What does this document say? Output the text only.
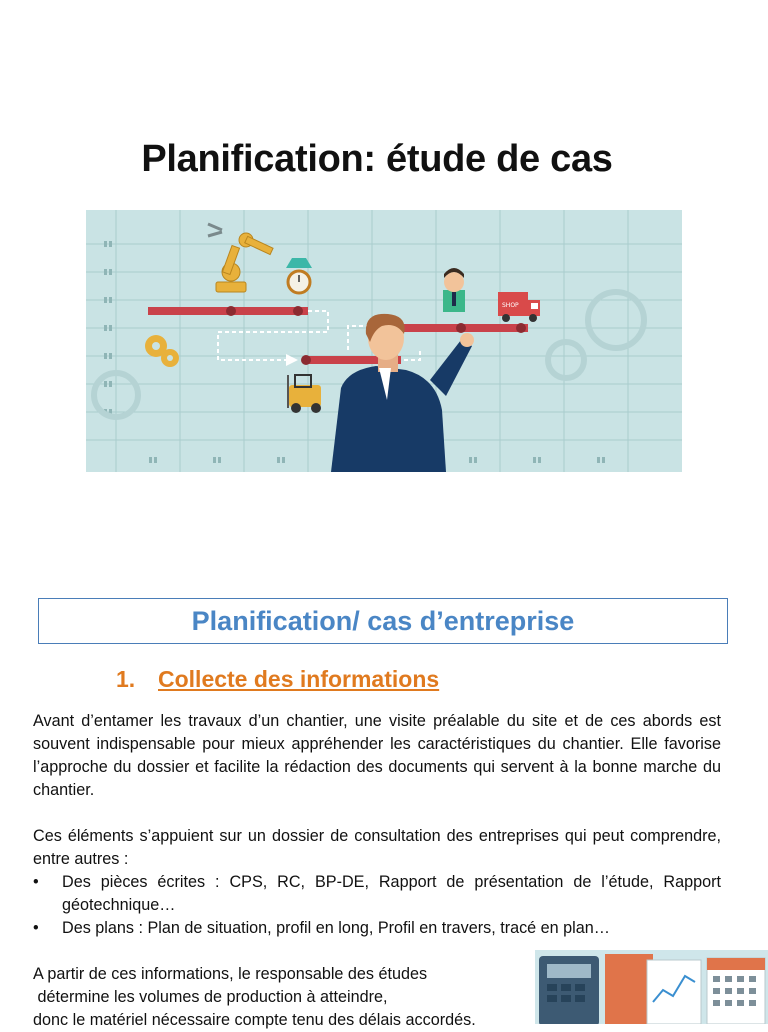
Planification: étude de cas
SHOP
Planification/ cas d’entreprise
1. Collecte des informations
Avant d’entamer les travaux d’un chantier, une visite préalable du site et de ces abords est souvent indispensable pour mieux appréhender les caractéristiques du chantier. Elle favorise l’approche du dossier et facilite la rédaction des documents qui servent à la bonne marche du chantier.
Ces éléments s’appuient sur un dossier de consultation des entreprises qui peut comprendre, entre autres :
• Des pièces écrites : CPS, RC, BP-DE, Rapport de présentation de l’étude, Rapport géotechnique…
• Des plans : Plan de situation, profil en long, Profil en travers, tracé en plan…
A partir de ces informations, le responsable des études
détermine les volumes de production à atteindre,
donc le matériel nécessaire compte tenu des délais accordés.
